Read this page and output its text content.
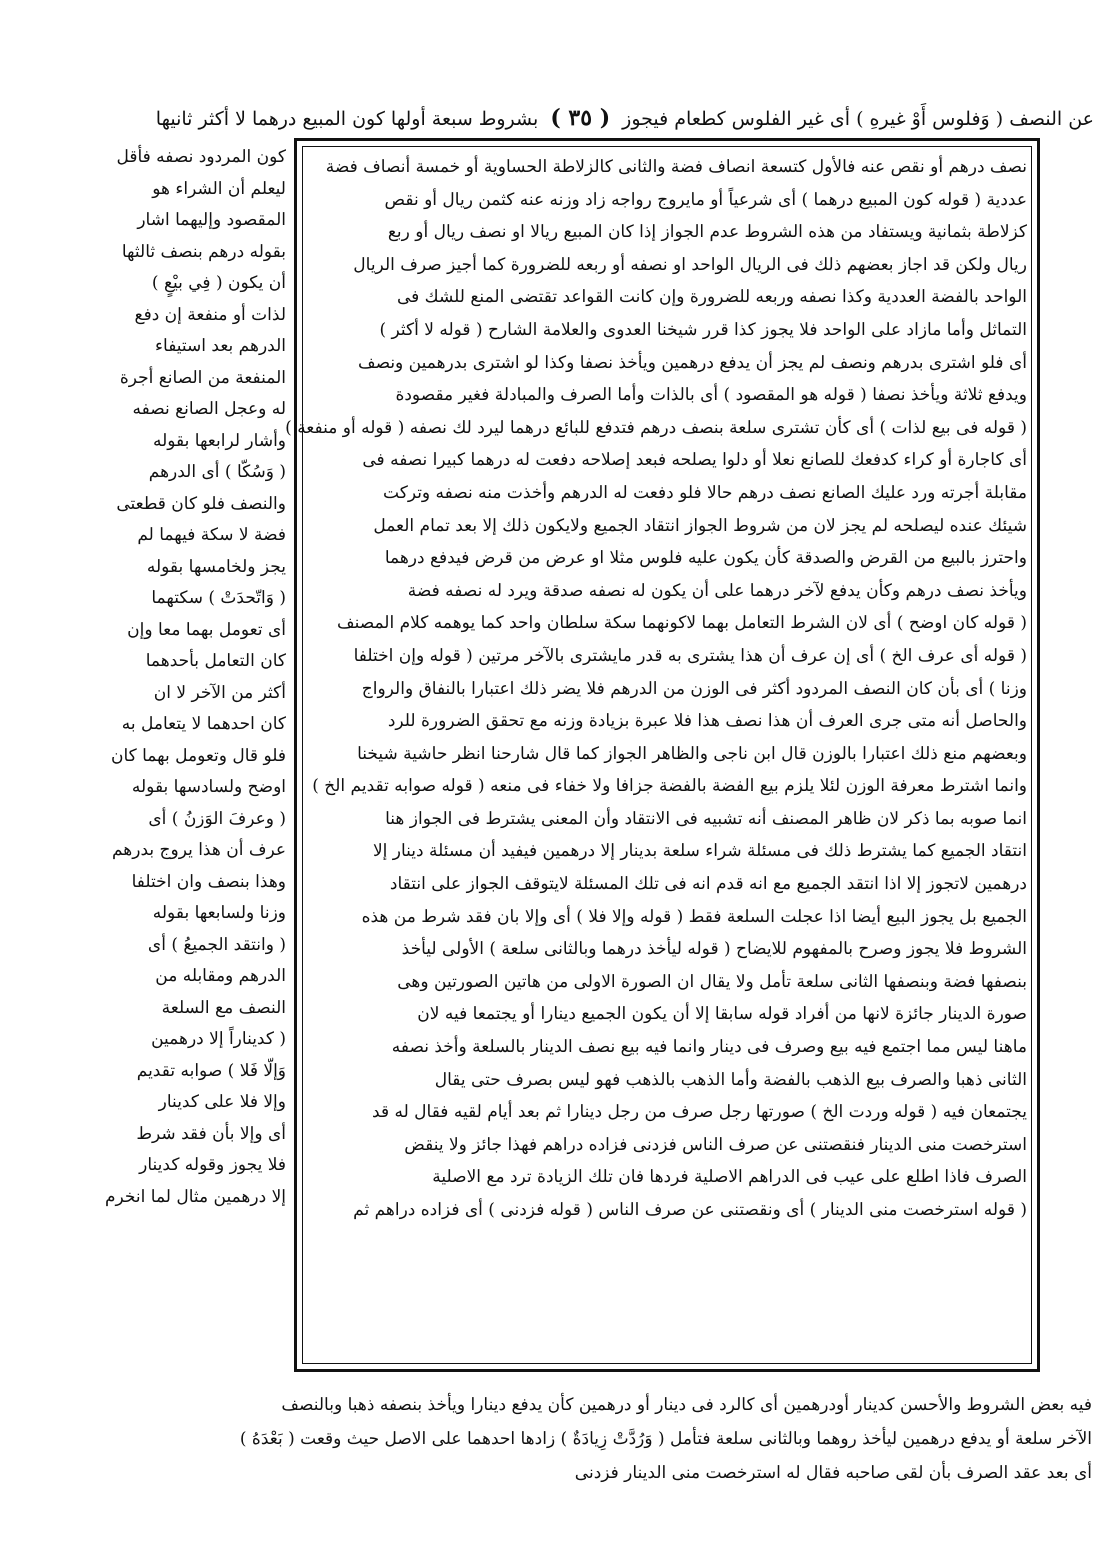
عن النصف ( وَفلوس أَوْ غيرهِ ) أى غير الفلوس كطعام فيجوز ( ٣٥ ) بشروط سبعة أولها كون المبيع درهما لا أكثر ثانيها
نصف درهم أو نقص عنه فالأول كتسعة انصاف فضة والثانى كالزلاطة الحساوية أو خمسة أنصاف فضة
عددية ( قوله كون المبيع درهما ) أى شرعياً أو مايروج رواجه زاد وزنه عنه كثمن ريال أو نقص
كزلاطة بثمانية ويستفاد من هذه الشروط عدم الجواز إذا كان المبيع ريالا او نصف ريال أو ربع
ريال ولكن قد اجاز بعضهم ذلك فى الريال الواحد او نصفه أو ربعه للضرورة كما أجيز صرف الريال
الواحد بالفضة العددية وكذا نصفه وربعه للضرورة وإن كانت القواعد تقتضى المنع للشك فى
التماثل وأما مازاد على الواحد فلا يجوز كذا قرر شيخنا العدوى والعلامة الشارح ( قوله لا أكثر )
أى فلو اشترى بدرهم ونصف لم يجز أن يدفع درهمين ويأخذ نصفا وكذا لو اشترى بدرهمين ونصف
ويدفع ثلاثة ويأخذ نصفا ( قوله هو المقصود ) أى بالذات وأما الصرف والمبادلة فغير مقصودة
( قوله فى بيع لذات ) أى كأن تشترى سلعة بنصف درهم فتدفع للبائع درهما ليرد لك نصفه ( قوله أو منفعة )
أى كاجارة أو كراء كدفعك للصانع نعلا أو دلوا يصلحه فبعد إصلاحه دفعت له درهما كبيرا نصفه فى
مقابلة أجرته ورد عليك الصانع نصف درهم حالا فلو دفعت له الدرهم وأخذت منه نصفه وتركت
شيئك عنده ليصلحه لم يجز لان من شروط الجواز انتقاد الجميع ولايكون ذلك إلا بعد تمام العمل
واحترز بالبيع من القرض والصدقة كأن يكون عليه فلوس مثلا او عرض من قرض فيدفع درهما
ويأخذ نصف درهم وكأن يدفع لآخر درهما على أن يكون له نصفه صدقة ويرد له نصفه فضة
( قوله كان اوضح ) أى لان الشرط التعامل بهما لاكونهما سكة سلطان واحد كما يوهمه كلام المصنف
( قوله أى عرف الخ ) أى إن عرف أن هذا يشترى به قدر مايشترى بالآخر مرتين ( قوله وإن اختلفا
وزنا ) أى بأن كان النصف المردود أكثر فى الوزن من الدرهم فلا يضر ذلك اعتبارا بالنفاق والرواج
والحاصل أنه متى جرى العرف أن هذا نصف هذا فلا عبرة بزيادة وزنه مع تحقق الضرورة للرد
وبعضهم منع ذلك اعتبارا بالوزن قال ابن ناجى والظاهر الجواز كما قال شارحنا انظر حاشية شيخنا
وانما اشترط معرفة الوزن لئلا يلزم بيع الفضة بالفضة جزافا ولا خفاء فى منعه ( قوله صوابه تقديم الخ )
انما صوبه بما ذكر لان ظاهر المصنف أنه تشبيه فى الانتقاد وأن المعنى يشترط فى الجواز هنا
انتقاد الجميع كما يشترط ذلك فى مسئلة شراء سلعة بدينار إلا درهمين فيفيد أن مسئلة دينار إلا
درهمين لاتجوز إلا اذا انتقد الجميع مع انه قدم انه فى تلك المسئلة لايتوقف الجواز على انتقاد
الجميع بل يجوز البيع أيضا اذا عجلت السلعة فقط ( قوله وإلا فلا ) أى وإلا بان فقد شرط من هذه
الشروط فلا يجوز وصرح بالمفهوم للايضاح ( قوله ليأخذ درهما وبالثانى سلعة ) الأولى ليأخذ
بنصفها فضة وبنصفها الثانى سلعة تأمل ولا يقال ان الصورة الاولى من هاتين الصورتين وهى
صورة الدينار جائزة لانها من أفراد قوله سابقا إلا أن يكون الجميع دينارا أو يجتمعا فيه لان
ماهنا ليس مما اجتمع فيه بيع وصرف فى دينار وانما فيه بيع نصف الدينار بالسلعة وأخذ نصفه
الثانى ذهبا والصرف بيع الذهب بالفضة وأما الذهب بالذهب فهو ليس بصرف حتى يقال
يجتمعان فيه ( قوله وردت الخ ) صورتها رجل صرف من رجل دينارا ثم بعد أيام لقيه فقال له قد
استرخصت منى الدينار فنقصتنى عن صرف الناس فزدنى فزاده دراهم فهذا جائز ولا ينقض
الصرف فاذا اطلع على عيب فى الدراهم الاصلية فردها فان تلك الزيادة ترد مع الاصلية
( قوله استرخصت منى الدينار ) أى ونقصتنى عن صرف الناس ( قوله فزدنى ) أى فزاده دراهم ثم
كون المردود نصفه فأقل
ليعلم أن الشراء هو
المقصود وإليهما اشار
بقوله درهم بنصف ثالثها
أن يكون ( فِي بيْعٍ )
لذات أو منفعة إن دفع
الدرهم بعد استيفاء
المنفعة من الصانع أجرة
له وعجل الصانع نصفه
وأشار لرابعها بقوله
( وَسُكّا ) أى الدرهم
والنصف فلو كان قطعتى
فضة لا سكة فيهما لم
يجز ولخامسها بقوله
( وَاتّحدَتْ ) سكتهما
أى تعومل بهما معا وإن
كان التعامل بأحدهما
أكثر من الآخر لا ان
كان احدهما لا يتعامل به
فلو قال وتعومل بهما كان
اوضح ولسادسها بقوله
( وعرفَ الوَزنُ ) أى
عرف أن هذا يروج بدرهم
وهذا بنصف وان اختلفا
وزنا ولسابعها بقوله
( وانتقد الجميعُ ) أى
الدرهم ومقابله من
النصف مع السلعة
( كديناراً إلا درهمين
وَإلّا فَلا ) صوابه تقديم
وإلا فلا على كدينار
أى وإلا بأن فقد شرط
فلا يجوز وقوله كدينار
إلا درهمين مثال لما انخرم
فيه بعض الشروط والأحسن كدينار أودرهمين أى كالرد فى دينار أو درهمين كأن يدفع دينارا ويأخذ بنصفه ذهبا وبالنصف
الآخر سلعة أو يدفع درهمين ليأخذ روهما وبالثانى سلعة فتأمل ( وَرُدَّتْ زِيادَةٌ ) زادها احدهما على الاصل حيث وقعت ( بَعْدَهُ )
أى بعد عقد الصرف بأن لقى صاحبه فقال له استرخصت منى الدينار فزدنى
